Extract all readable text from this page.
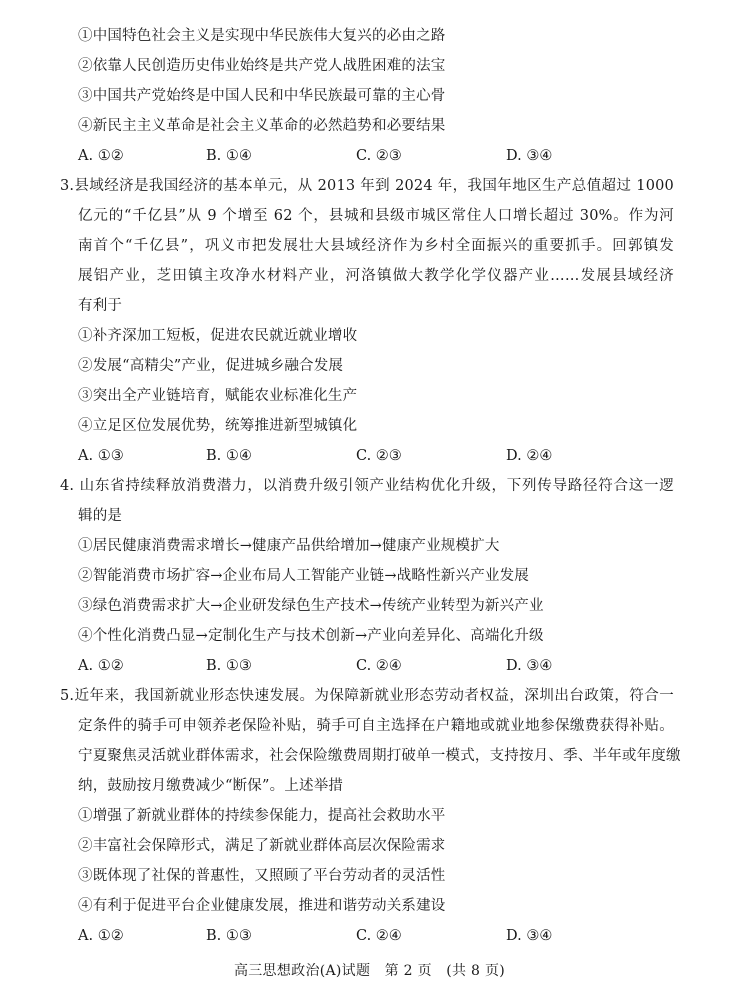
①中国特色社会主义是实现中华民族伟大复兴的必由之路
②依靠人民创造历史伟业始终是共产党人战胜困难的法宝
③中国共产党始终是中国人民和中华民族最可靠的主心骨
④新民主主义革命是社会主义革命的必然趋势和必要结果
A. ①②	B. ①④	C. ②③	D. ③④
3.县域经济是我国经济的基本单元，从 2013 年到 2024 年，我国年地区生产总值超过 1000
亿元的“千亿县”从 9 个增至 62 个，县城和县级市城区常住人口增长超过 30%。作为河
南首个“千亿县”，巩义市把发展壮大县域经济作为乡村全面振兴的重要抓手。回郭镇发
展铝产业，芝田镇主攻净水材料产业，河洛镇做大教学化学仪器产业……发展县域经济
有利于
①补齐深加工短板，促进农民就近就业增收
②发展“高精尖”产业，促进城乡融合发展
③突出全产业链培育，赋能农业标准化生产
④立足区位发展优势，统筹推进新型城镇化
A. ①③	B. ①④	C. ②③	D. ②④
4. 山东省持续释放消费潜力，以消费升级引领产业结构优化升级，下列传导路径符合这一逻
辑的是
①居民健康消费需求增长→健康产品供给增加→健康产业规模扩大
②智能消费市场扩容→企业布局人工智能产业链→战略性新兴产业发展
③绿色消费需求扩大→企业研发绿色生产技术→传统产业转型为新兴产业
④个性化消费凸显→定制化生产与技术创新→产业向差异化、高端化升级
A. ①②	B. ①③	C. ②④	D. ③④
5.近年来，我国新就业形态快速发展。为保障新就业形态劳动者权益，深圳出台政策，符合一
定条件的骑手可申领养老保险补贴，骑手可自主选择在户籍地或就业地参保缴费获得补贴。
宁夏聚焦灵活就业群体需求，社会保险缴费周期打破单一模式，支持按月、季、半年或年度缴
纳，鼓励按月缴费减少“断保”。上述举措
①增强了新就业群体的持续参保能力，提高社会救助水平
②丰富社会保障形式，满足了新就业群体高层次保险需求
③既体现了社保的普惠性，又照顾了平台劳动者的灵活性
④有利于促进平台企业健康发展，推进和谐劳动关系建设
A. ①②	B. ①③	C. ②④	D. ③④
高三思想政治(A)试题　第 2 页　(共 8 页)
